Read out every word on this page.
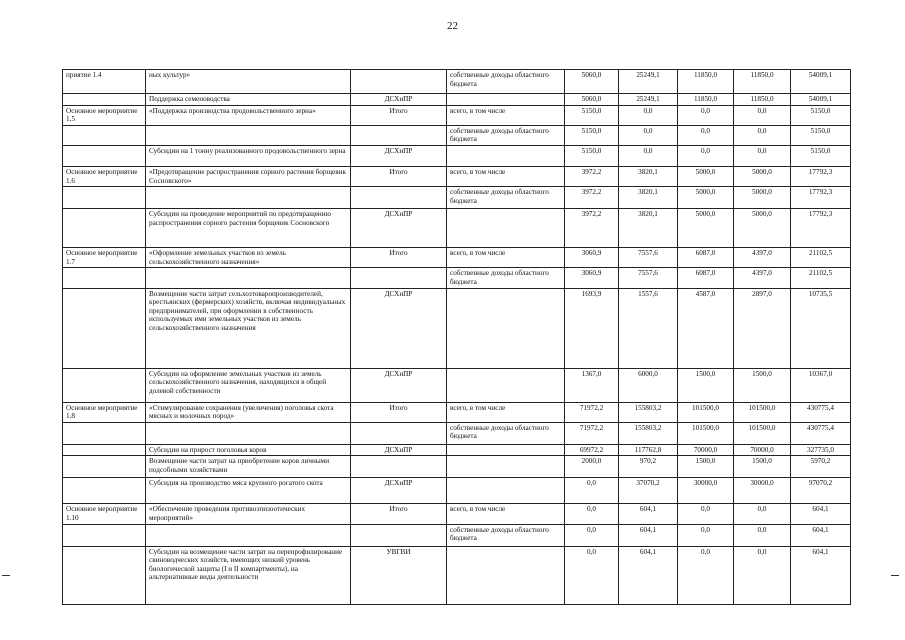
22
приятие 1.4	ных культур»		собственные доходы областного бюджета	5060,0	25249,1	11850,0	11850,0	54009,1
	Поддержка семеноводства	ДСХиПР		5060,0	25249,1	11850,0	11850,0	54009,1
Основное мероприятие 1.5	«Поддержка производства продовольственного зерна»	Итого	всего, в том числе	5150,0	0,0	0,0	0,0	5150,0
			собственные доходы областного бюджета	5150,0	0,0	0,0	0,0	5150,0
	Субсидии на 1 тонну реализованного продовольственного зерна	ДСХиПР		5150,0	0,0	0,0	0,0	5150,0
Основное мероприятие 1.6	«Предотвращение распространения сорного растения борщевик Сосновского»	Итого	всего, в том числе	3972,2	3820,1	5000,0	5000,0	17792,3
			собственные доходы областного бюджета	3972,2	3820,1	5000,0	5000,0	17792,3
	Субсидии на проведение мероприятий по предотвращению распространения сорного растения борщевик Сосновского	ДСХиПР		3972,2	3820,1	5000,0	5000,0	17792,3
Основное мероприятие 1.7	«Оформление земельных участков из земель сельскохозяйственного назначения»	Итого	всего, в том числе	3060,9	7557,6	6087,0	4397,0	21102,5
			собственные доходы областного бюджета	3060,9	7557,6	6087,0	4397,0	21102,5
	Возмещение части затрат сельхозтоваропроизводителей, крестьянских (фермерских) хозяйств, включая индивидуальных предпринимателей, при оформлении в собственность используемых ими земельных участков из земель сельскохозяйственного назначения	ДСХиПР		1693,9	1557,6	4587,0	2897,0	10735,5
	Субсидии на оформление земельных участков из земель сельскохозяйственного назначения, находящихся в общей долевой собственности	ДСХиПР		1367,0	6000,0	1500,0	1500,0	10367,0
Основное мероприятие 1.8	«Стимулирование сохранения (увеличения) поголовья скота мясных и молочных пород»	Итого	всего, в том числе	71972,2	155803,2	101500,0	101500,0	430775,4
			собственные доходы областного бюджета	71972,2	155803,2	101500,0	101500,0	430775,4
	Субсидии на прирост поголовья коров	ДСХиПР		69972,2	117762,8	70000,0	70000,0	327735,0
	Возмещение части затрат на приобретение коров личными подсобными хозяйствами			2000,0	970,2	1500,0	1500,0	5970,2
	Субсидия на производство мяса крупного рогатого скота	ДСХиПР		0,0	37070,2	30000,0	30000,0	97070,2
Основное мероприятие 1.10	«Обеспечение проведения противоэпизоотических мероприятий»	Итого	всего, в том числе	0,0	604,1	0,0	0,0	604,1
			собственные доходы областного бюджета	0,0	604,1	0,0	0,0	604,1
	Субсидии на возмещение части затрат на перепрофилирование свиноводческих хозяйств, имеющих низкий уровень биологической защиты (I и II компартменты), на альтернативные виды деятельности	УВГВИ		0,0	604,1	0,0	0,0	604,1
